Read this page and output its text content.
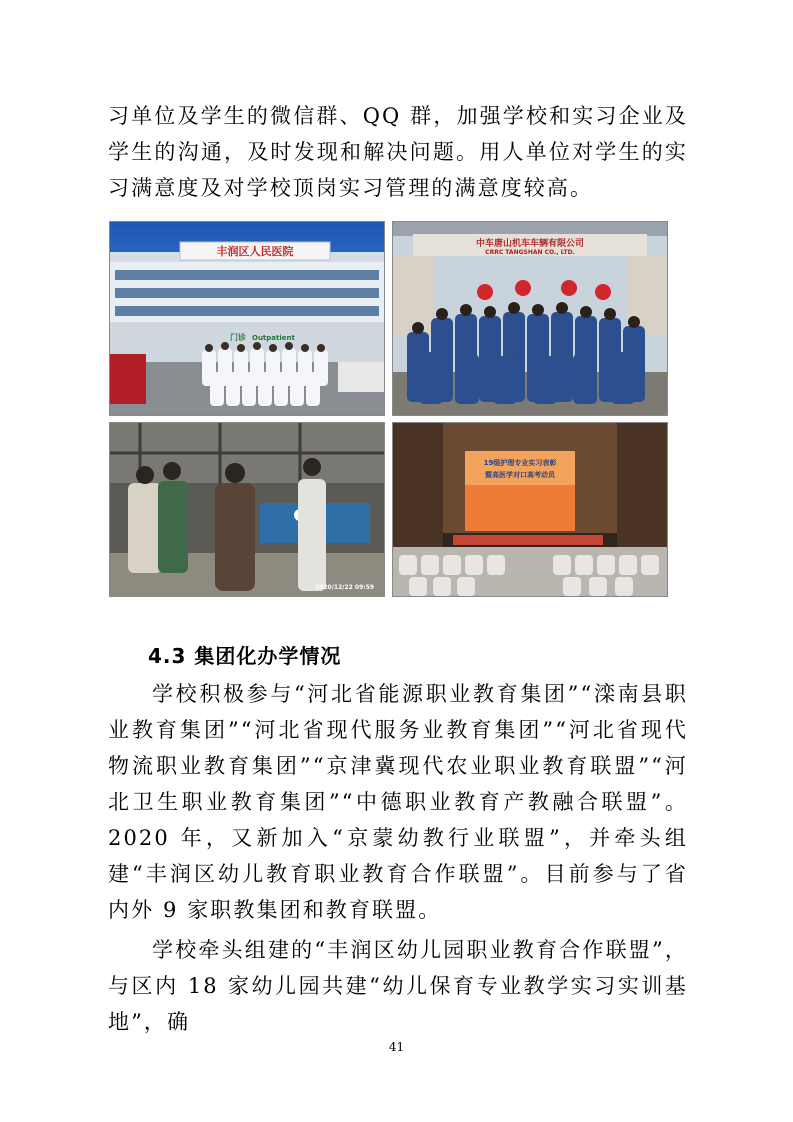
习单位及学生的微信群、QQ 群，加强学校和实习企业及学生的沟通，及时发现和解决问题。用人单位对学生的实习满意度及对学校顶岗实习管理的满意度较高。

丰润区人民医院
门诊 Outpatient
中车唐山机车车辆有限公司
CRRC TANGSHAN CO., LTD.
2020/12/22 09:59
19级护理专业实习表彰
暨高医学对口高考动员
4.3 集团化办学情况

学校积极参与“河北省能源职业教育集团”“滦南县职业教育集团”“河北省现代服务业教育集团”“河北省现代物流职业教育集团”“京津冀现代农业职业教育联盟”“河北卫生职业教育集团”“中德职业教育产教融合联盟”。2020 年，又新加入“京蒙幼教行业联盟”，并牵头组建“丰润区幼儿教育职业教育合作联盟”。目前参与了省内外 9 家职教集团和教育联盟。

学校牵头组建的“丰润区幼儿园职业教育合作联盟”，与区内 18 家幼儿园共建“幼儿保育专业教学实习实训基地”，确

41
